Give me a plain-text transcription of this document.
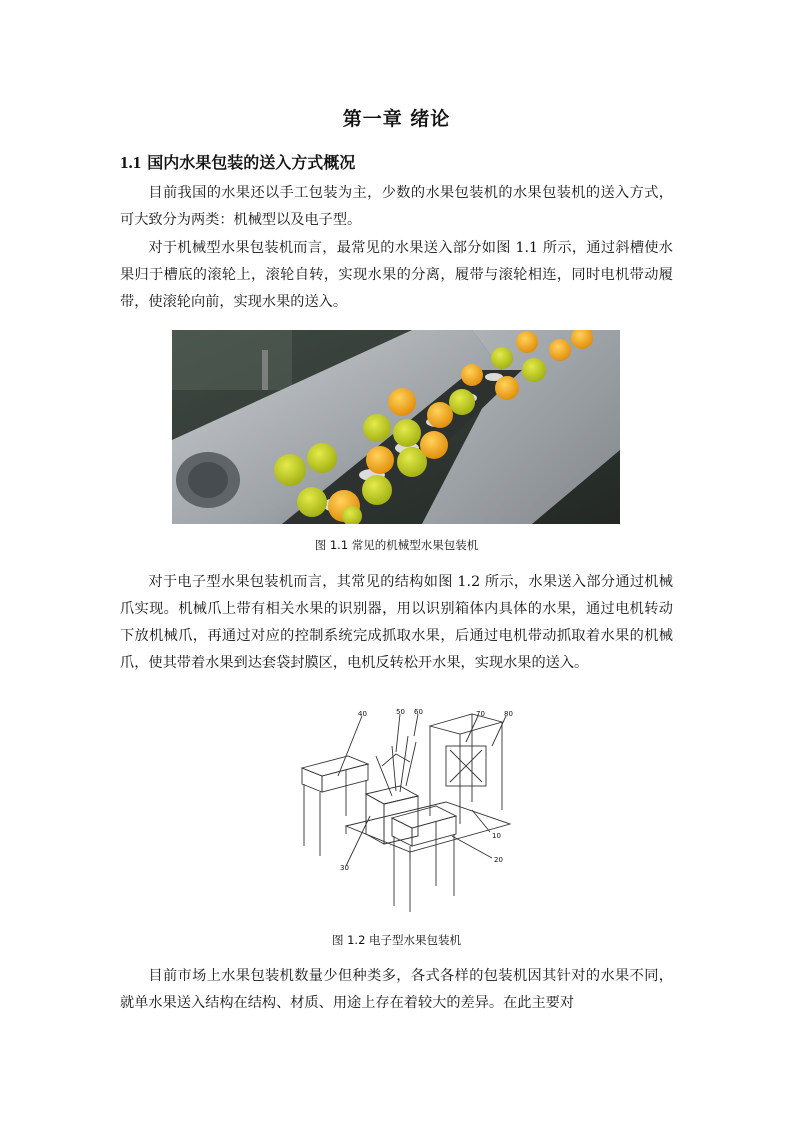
第一章 绪论
1.1 国内水果包装的送入方式概况

目前我国的水果还以手工包装为主，少数的水果包装机的水果包装机的送入方式，可大致分为两类：机械型以及电子型。

对于机械型水果包装机而言，最常见的水果送入部分如图 1.1 所示，通过斜槽使水果归于槽底的滚轮上，滚轮自转，实现水果的分离，履带与滚轮相连，同时电机带动履带，使滚轮向前，实现水果的送入。

图 1.1 常见的机械型水果包装机

对于电子型水果包装机而言，其常见的结构如图 1.2 所示，水果送入部分通过机械爪实现。机械爪上带有相关水果的识别器，用以识别箱体内具体的水果，通过电机转动下放机械爪，再通过对应的控制系统完成抓取水果，后通过电机带动抓取着水果的机械爪，使其带着水果到达套袋封膜区，电机反转松开水果，实现水果的送入。

40	50 60	70	80
10
20
30
图 1.2 电子型水果包装机

目前市场上水果包装机数量少但种类多，各式各样的包装机因其针对的水果不同，就单水果送入结构在结构、材质、用途上存在着较大的差异。在此主要对
